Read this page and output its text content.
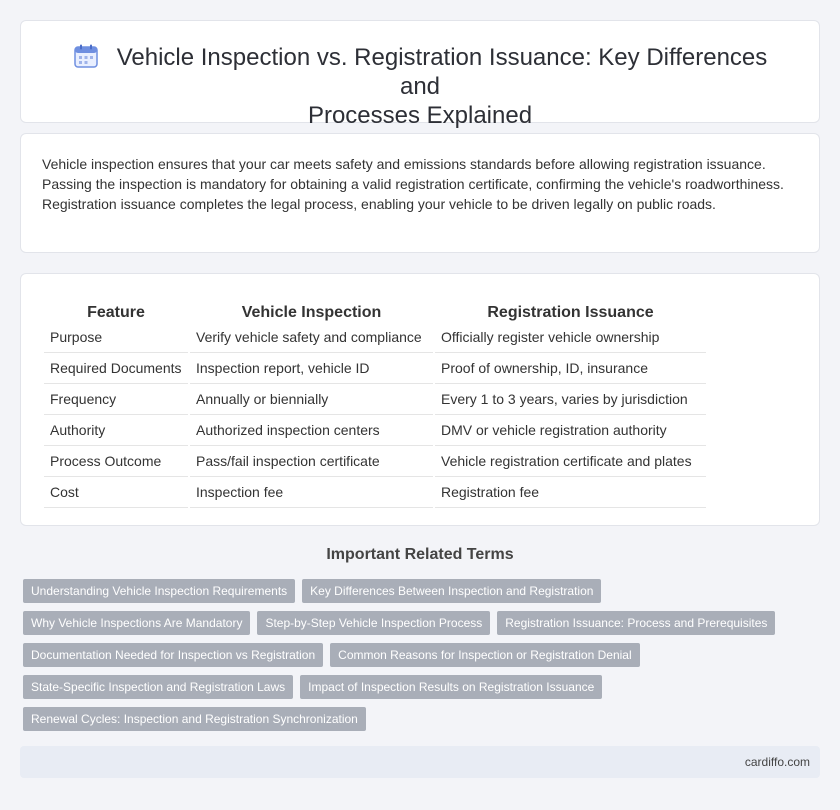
Vehicle Inspection vs. Registration Issuance: Key Differences and
Processes Explained

Vehicle inspection ensures that your car meets safety and emissions standards before allowing registration issuance. Passing the inspection is mandatory for obtaining a valid registration certificate, confirming the vehicle's roadworthiness. Registration issuance completes the legal process, enabling your vehicle to be driven legally on public roads.

Feature	Vehicle Inspection	Registration Issuance
Purpose	Verify vehicle safety and compliance	Officially register vehicle ownership
Required Documents	Inspection report, vehicle ID	Proof of ownership, ID, insurance
Frequency	Annually or biennially	Every 1 to 3 years, varies by jurisdiction
Authority	Authorized inspection centers	DMV or vehicle registration authority
Process Outcome	Pass/fail inspection certificate	Vehicle registration certificate and plates
Cost	Inspection fee	Registration fee
Important Related Terms
Understanding Vehicle Inspection Requirements	Key Differences Between Inspection and Registration
Why Vehicle Inspections Are Mandatory	Step-by-Step Vehicle Inspection Process	Registration Issuance: Process and Prerequisites
Documentation Needed for Inspection vs Registration	Common Reasons for Inspection or Registration Denial
State-Specific Inspection and Registration Laws	Impact of Inspection Results on Registration Issuance
Renewal Cycles: Inspection and Registration Synchronization
cardiffo.com
